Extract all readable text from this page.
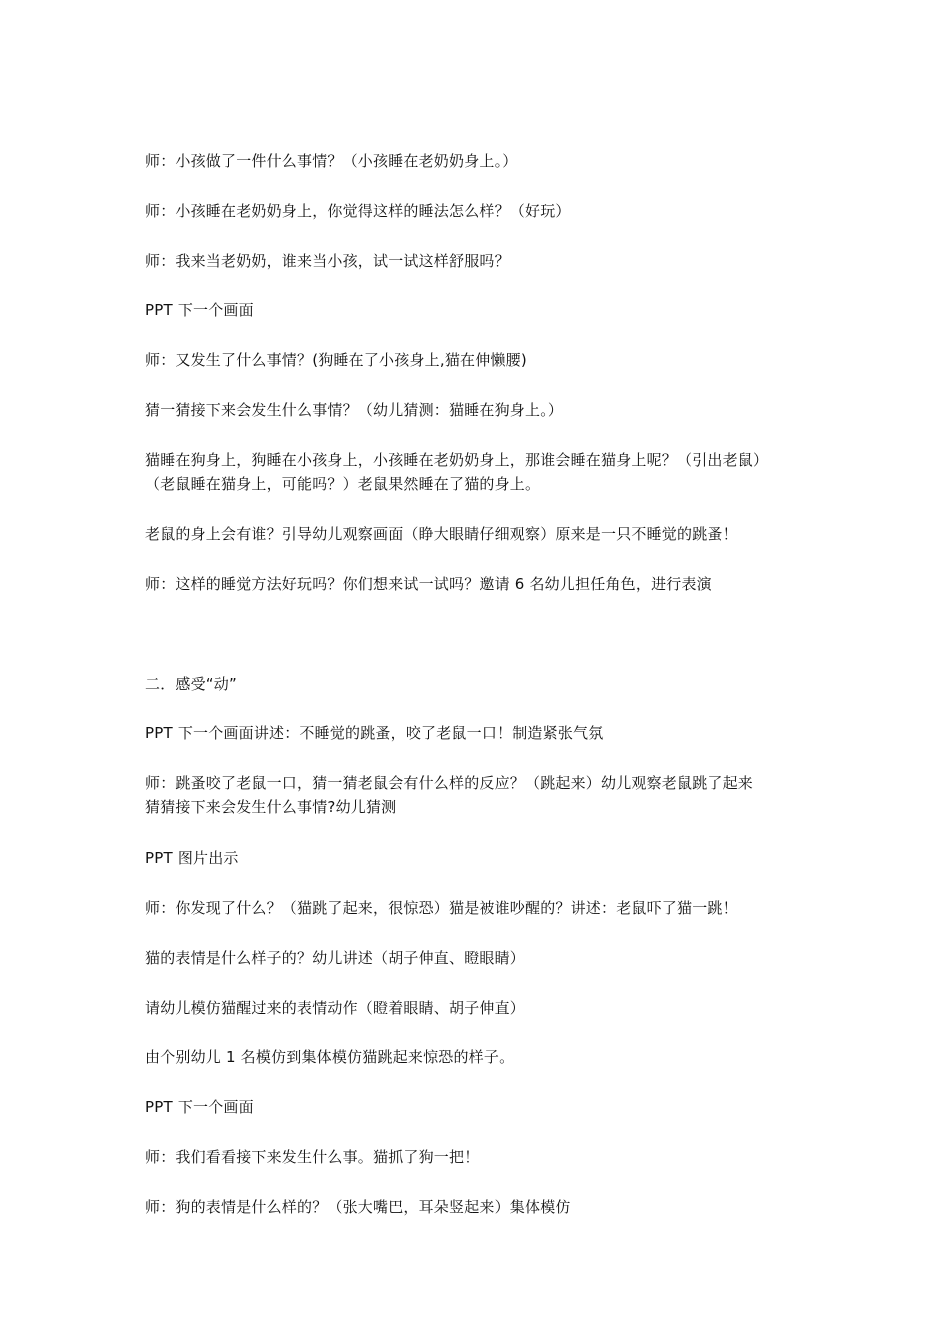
师：小孩做了一件什么事情？（小孩睡在老奶奶身上。）

师：小孩睡在老奶奶身上，你觉得这样的睡法怎么样？（好玩）

师：我来当老奶奶，谁来当小孩，试一试这样舒服吗？

PPT 下一个画面

师：又发生了什么事情？(狗睡在了小孩身上,猫在伸懒腰)

猜一猜接下来会发生什么事情？（幼儿猜测：猫睡在狗身上。）

猫睡在狗身上，狗睡在小孩身上，小孩睡在老奶奶身上，那谁会睡在猫身上呢？（引出老鼠）
（老鼠睡在猫身上，可能吗？）老鼠果然睡在了猫的身上。

老鼠的身上会有谁？引导幼儿观察画面（睁大眼睛仔细观察）原来是一只不睡觉的跳蚤！

师：这样的睡觉方法好玩吗？你们想来试一试吗？邀请 6 名幼儿担任角色，进行表演

二．感受“动”

PPT 下一个画面讲述：不睡觉的跳蚤，咬了老鼠一口！制造紧张气氛

师：跳蚤咬了老鼠一口，猜一猜老鼠会有什么样的反应？（跳起来）幼儿观察老鼠跳了起来
猜猜接下来会发生什么事情?幼儿猜测

PPT 图片出示

师：你发现了什么？（猫跳了起来，很惊恐）猫是被谁吵醒的？讲述：老鼠吓了猫一跳！

猫的表情是什么样子的？幼儿讲述（胡子伸直、瞪眼睛）

请幼儿模仿猫醒过来的表情动作（瞪着眼睛、胡子伸直）

由个别幼儿 1 名模仿到集体模仿猫跳起来惊恐的样子。

PPT 下一个画面

师：我们看看接下来发生什么事。猫抓了狗一把！

师：狗的表情是什么样的？（张大嘴巴，耳朵竖起来）集体模仿
